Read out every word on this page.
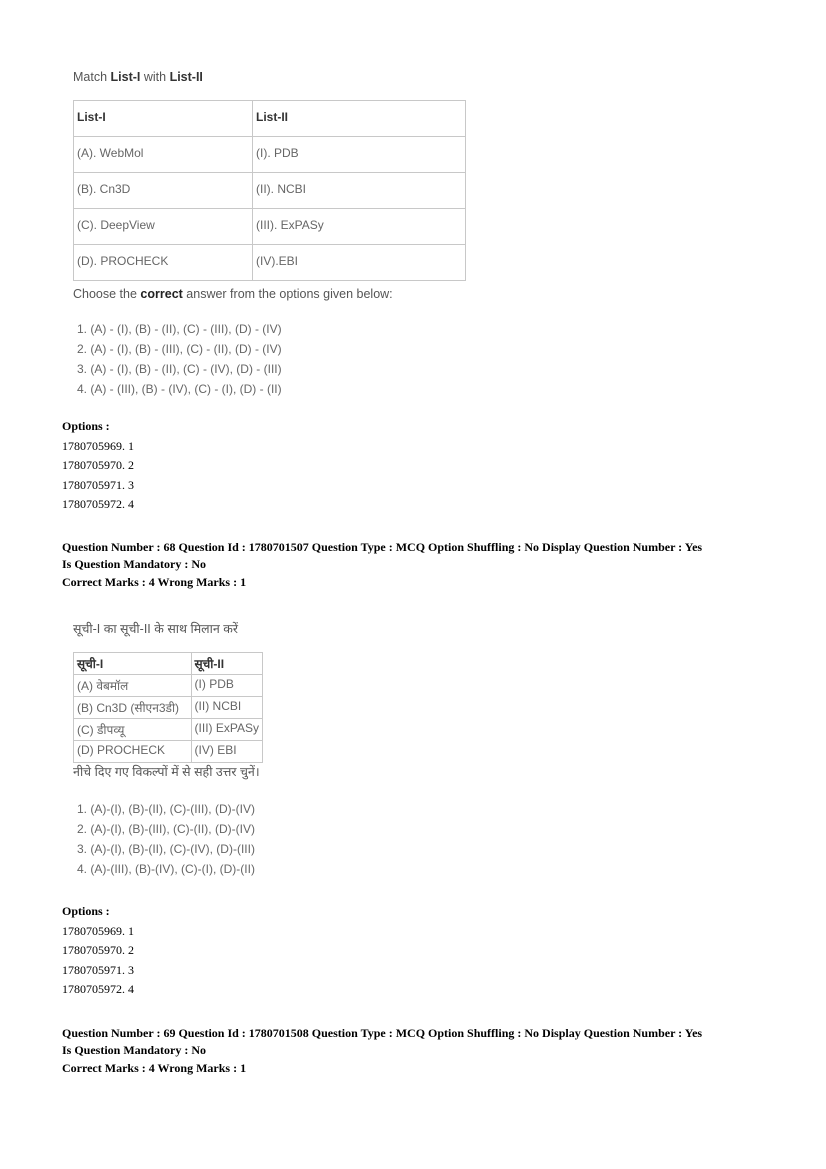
Match List-I with List-II
List-I	List-II
(A). WebMol	(I). PDB
(B). Cn3D	(II). NCBI
(C). DeepView	(III). ExPASy
(D). PROCHECK	(IV).EBI
Choose the correct answer from the options given below:
1. (A) - (I), (B) - (II), (C) - (III), (D) - (IV)
2. (A) - (I), (B) - (III), (C) - (II), (D) - (IV)
3. (A) - (I), (B) - (II), (C) - (IV), (D) - (III)
4. (A) - (III), (B) - (IV), (C) - (I), (D) - (II)
Options :
1780705969. 1
1780705970. 2
1780705971. 3
1780705972. 4
Question Number : 68 Question Id : 1780701507 Question Type : MCQ Option Shuffling : No Display Question Number : Yes
Is Question Mandatory : No
Correct Marks : 4 Wrong Marks : 1
सूची-I का सूची-II के साथ मिलान करें
सूची-I	सूची-II
(A) वेबमॉल	(I) PDB
(B) Cn3D (सीएन3डी)	(II) NCBI
(C) डीपव्यू	(III) ExPASy
(D) PROCHECK	(IV) EBI
नीचे दिए गए विकल्पों में से सही उत्तर चुनें।
1. (A)-(I), (B)-(II), (C)-(III), (D)-(IV)
2. (A)-(I), (B)-(III), (C)-(II), (D)-(IV)
3. (A)-(I), (B)-(II), (C)-(IV), (D)-(III)
4. (A)-(III), (B)-(IV), (C)-(I), (D)-(II)
Options :
1780705969. 1
1780705970. 2
1780705971. 3
1780705972. 4
Question Number : 69 Question Id : 1780701508 Question Type : MCQ Option Shuffling : No Display Question Number : Yes
Is Question Mandatory : No
Correct Marks : 4 Wrong Marks : 1
